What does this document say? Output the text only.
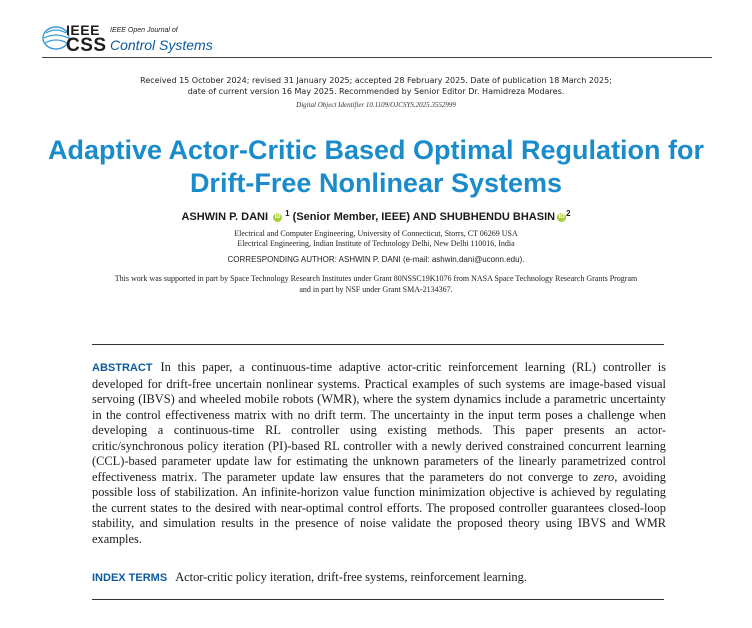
IEEE
CSS
IEEE Open Journal of
Control Systems
Received 15 October 2024; revised 31 January 2025; accepted 28 February 2025. Date of publication 18 March 2025;
date of current version 16 May 2025. Recommended by Senior Editor Dr. Hamidreza Modares.
Digital Object Identifier 10.1109/OJCSYS.2025.3552999
Adaptive Actor-Critic Based Optimal Regulation for Drift-Free Nonlinear Systems
ASHWIN P. DANI iD $^1$ (Senior Member, IEEE) AND SHUBHENDU BHASIN iD $^2$
Electrical and Computer Engineering, University of Connecticut, Storrs, CT 06269 USA
Electrical Engineering, Indian Institute of Technology Delhi, New Delhi 110016, India
CORRESPONDING AUTHOR: ASHWIN P. DANI (e-mail: ashwin.dani@uconn.edu).
This work was supported in part by Space Technology Research Institutes under Grant 80NSSC19K1076 from NASA Space Technology Research Grants Program
and in part by NSF under Grant SMA-2134367.
ABSTRACT In this paper, a continuous-time adaptive actor-critic reinforcement learning (RL) controller is developed for drift-free uncertain nonlinear systems. Practical examples of such systems are image-based visual servoing (IBVS) and wheeled mobile robots (WMR), where the system dynamics include a parametric uncertainty in the control effectiveness matrix with no drift term. The uncertainty in the input term poses a challenge when developing a continuous-time RL controller using existing methods. This paper presents an actor-critic/synchronous policy iteration (PI)-based RL controller with a newly derived constrained concurrent learning (CCL)-based parameter update law for estimating the unknown parameters of the linearly parametrized control effectiveness matrix. The parameter update law ensures that the parameters do not converge to zero, avoiding possible loss of stabilization. An infinite-horizon value function minimization objective is achieved by regulating the current states to the desired with near-optimal control efforts. The proposed controller guarantees closed-loop stability, and simulation results in the presence of noise validate the proposed theory using IBVS and WMR examples.
INDEX TERMS Actor-critic policy iteration, drift-free systems, reinforcement learning.
